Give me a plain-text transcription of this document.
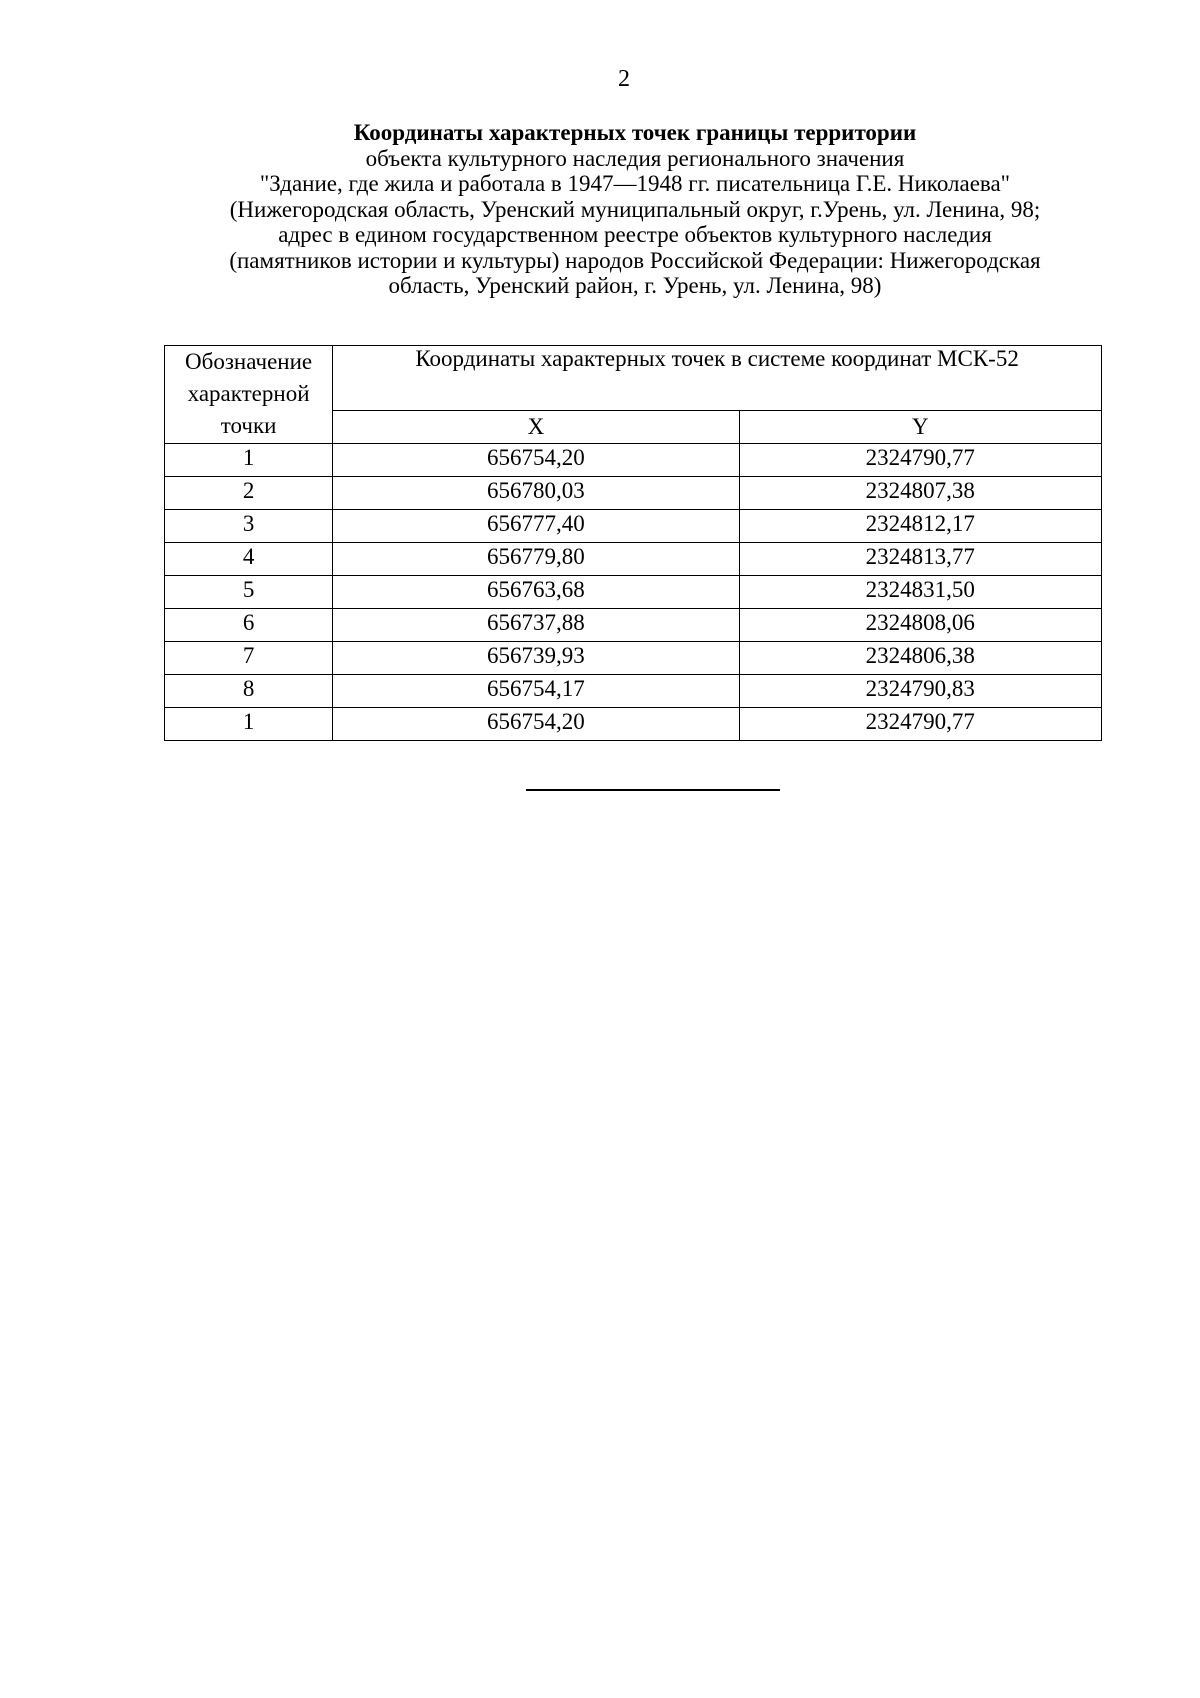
2
Координаты характерных точек границы территории
объекта культурного наследия регионального значения
"Здание, где жила и работала в 1947—1948 гг. писательница Г.Е. Николаева"
(Нижегородская область, Уренский муниципальный округ, г.Урень, ул. Ленина, 98;
адрес в едином государственном реестре объектов культурного наследия
(памятников истории и культуры) народов Российской Федерации: Нижегородская
область, Уренский район, г. Урень, ул. Ленина, 98)
Обозначение
характерной
точки	Координаты характерных точек в системе координат МСК-52	
	X	Y
1	656754,20	2324790,77
2	656780,03	2324807,38
3	656777,40	2324812,17
4	656779,80	2324813,77
5	656763,68	2324831,50
6	656737,88	2324808,06
7	656739,93	2324806,38
8	656754,17	2324790,83
1	656754,20	2324790,77
